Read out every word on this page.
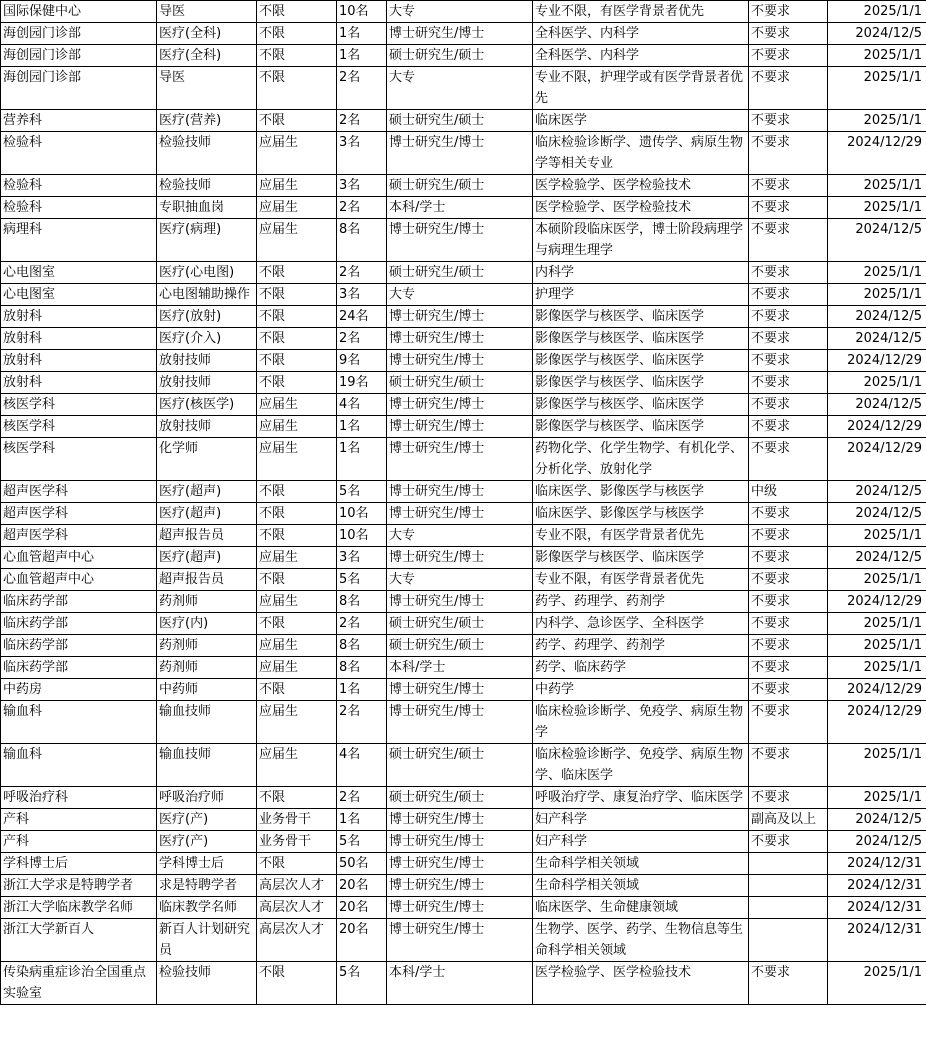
国际保健中心	导医	不限	10名	大专	专业不限，有医学背景者优先	不要求	2025/1/1
海创园门诊部	医疗(全科)	不限	1名	博士研究生/博士	全科医学、内科学	不要求	2024/12/5
海创园门诊部	医疗(全科)	不限	1名	硕士研究生/硕士	全科医学、内科学	不要求	2025/1/1
海创园门诊部	导医	不限	2名	大专	专业不限，护理学或有医学背景者优先	不要求	2025/1/1
营养科	医疗(营养)	不限	2名	硕士研究生/硕士	临床医学	不要求	2025/1/1
检验科	检验技师	应届生	3名	博士研究生/博士	临床检验诊断学、遗传学、病原生物学等相关专业	不要求	2024/12/29
检验科	检验技师	应届生	3名	硕士研究生/硕士	医学检验学、医学检验技术	不要求	2025/1/1
检验科	专职抽血岗	应届生	2名	本科/学士	医学检验学、医学检验技术	不要求	2025/1/1
病理科	医疗(病理)	应届生	8名	博士研究生/博士	本硕阶段临床医学，博士阶段病理学与病理生理学	不要求	2024/12/5
心电图室	医疗(心电图)	不限	2名	硕士研究生/硕士	内科学	不要求	2025/1/1
心电图室	心电图辅助操作	不限	3名	大专	护理学	不要求	2025/1/1
放射科	医疗(放射)	不限	24名	博士研究生/博士	影像医学与核医学、临床医学	不要求	2024/12/5
放射科	医疗(介入)	不限	2名	博士研究生/博士	影像医学与核医学、临床医学	不要求	2024/12/5
放射科	放射技师	不限	9名	博士研究生/博士	影像医学与核医学、临床医学	不要求	2024/12/29
放射科	放射技师	不限	19名	硕士研究生/硕士	影像医学与核医学、临床医学	不要求	2025/1/1
核医学科	医疗(核医学)	应届生	4名	博士研究生/博士	影像医学与核医学、临床医学	不要求	2024/12/5
核医学科	放射技师	应届生	1名	博士研究生/博士	影像医学与核医学、临床医学	不要求	2024/12/29
核医学科	化学师	应届生	1名	博士研究生/博士	药物化学、化学生物学、有机化学、分析化学、放射化学	不要求	2024/12/29
超声医学科	医疗(超声)	不限	5名	博士研究生/博士	临床医学、影像医学与核医学	中级	2024/12/5
超声医学科	医疗(超声)	不限	10名	博士研究生/博士	临床医学、影像医学与核医学	不要求	2024/12/5
超声医学科	超声报告员	不限	10名	大专	专业不限，有医学背景者优先	不要求	2025/1/1
心血管超声中心	医疗(超声)	应届生	3名	博士研究生/博士	影像医学与核医学、临床医学	不要求	2024/12/5
心血管超声中心	超声报告员	不限	5名	大专	专业不限，有医学背景者优先	不要求	2025/1/1
临床药学部	药剂师	应届生	8名	博士研究生/博士	药学、药理学、药剂学	不要求	2024/12/29
临床药学部	医疗(内)	不限	2名	硕士研究生/硕士	内科学、急诊医学、全科医学	不要求	2025/1/1
临床药学部	药剂师	应届生	8名	硕士研究生/硕士	药学、药理学、药剂学	不要求	2025/1/1
临床药学部	药剂师	应届生	8名	本科/学士	药学、临床药学	不要求	2025/1/1
中药房	中药师	不限	1名	博士研究生/博士	中药学	不要求	2024/12/29
输血科	输血技师	应届生	2名	博士研究生/博士	临床检验诊断学、免疫学、病原生物学	不要求	2024/12/29
输血科	输血技师	应届生	4名	硕士研究生/硕士	临床检验诊断学、免疫学、病原生物学、临床医学	不要求	2025/1/1
呼吸治疗科	呼吸治疗师	不限	2名	硕士研究生/硕士	呼吸治疗学、康复治疗学、临床医学	不要求	2025/1/1
产科	医疗(产)	业务骨干	1名	博士研究生/博士	妇产科学	副高及以上	2024/12/5
产科	医疗(产)	业务骨干	5名	博士研究生/博士	妇产科学	不要求	2024/12/5
学科博士后	学科博士后	不限	50名	博士研究生/博士	生命科学相关领域		2024/12/31
浙江大学求是特聘学者	求是特聘学者	高层次人才	20名	博士研究生/博士	生命科学相关领域		2024/12/31
浙江大学临床教学名师	临床教学名师	高层次人才	20名	博士研究生/博士	临床医学、生命健康领域		2024/12/31
浙江大学新百人	新百人计划研究员	高层次人才	20名	博士研究生/博士	生物学、医学、药学、生物信息等生命科学相关领域		2024/12/31
传染病重症诊治全国重点实验室	检验技师	不限	5名	本科/学士	医学检验学、医学检验技术	不要求	2025/1/1
